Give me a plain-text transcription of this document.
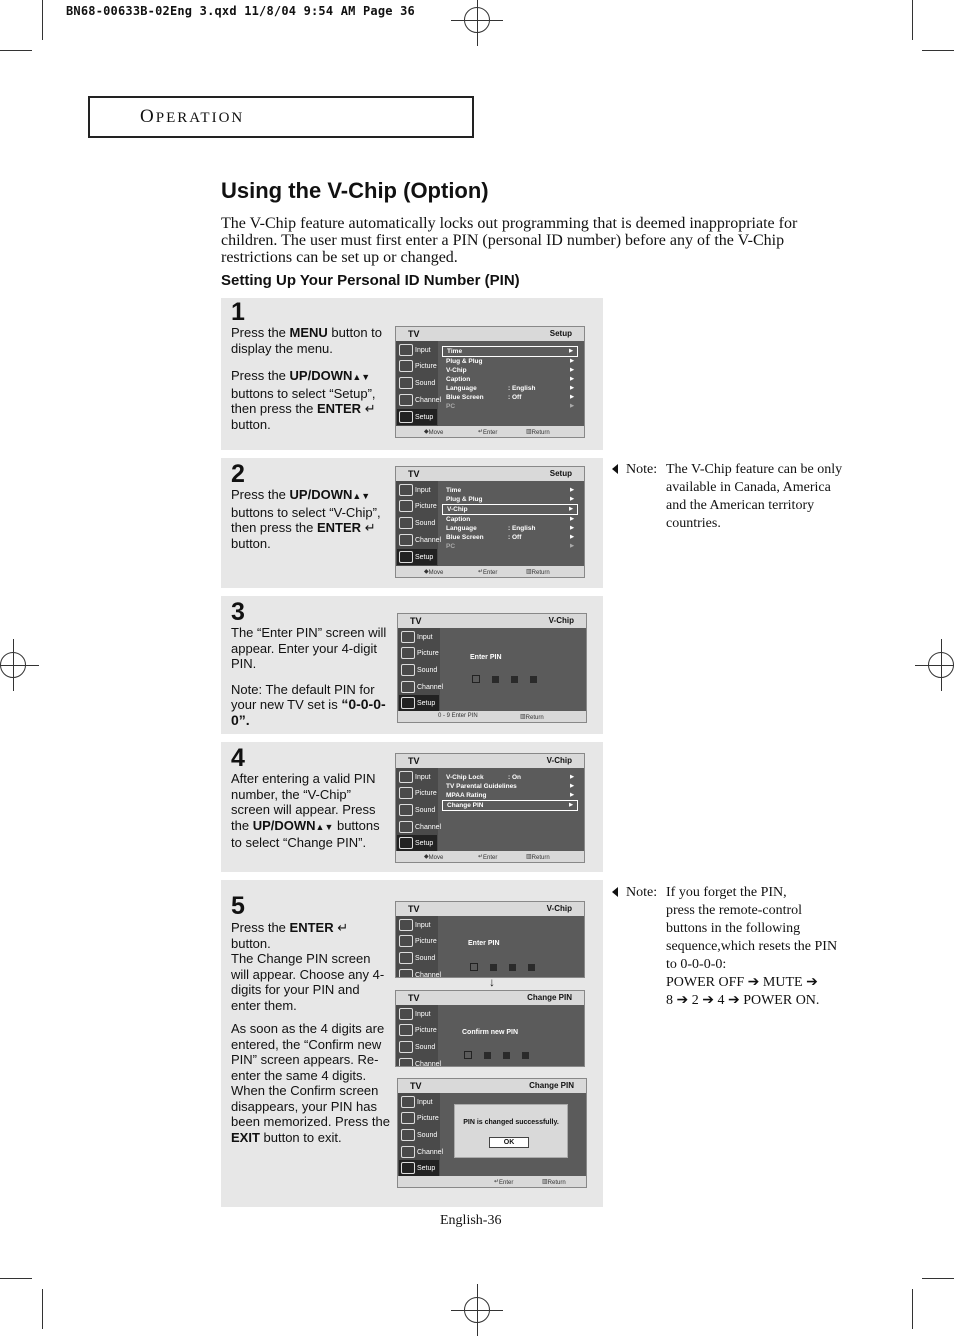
BN68-00633B-02Eng 3.qxd 11/8/04 9:54 AM Page 36
OPERATION
Using the V-Chip (Option)
The V-Chip feature automatically locks out programming that is deemed inappropriate for children. The user must first enter a PIN (personal ID number) before any of the V-Chip restrictions can be set up or changed.
Setting Up Your Personal ID Number (PIN)
1

Press the MENU button to display the menu.

Press the UP/DOWN▲▼ buttons to select “Setup”, then press the ENTER ↵ button.

TV	Setup
Input
Picture
Sound
Channel
Setup
Time	▶
Plug & Plug	▶
V-Chip	▶
Caption	▶
Language	: English	▶
Blue Screen	: Off	▶
PC	▶
◆ Move	↵ Enter	▥ Return
2

Press the UP/DOWN▲▼ buttons to select “V-Chip”, then press the ENTER ↵ button.

TV	Setup
Input
Picture
Sound
Channel
Setup
Time	▶
Plug & Plug	▶
V-Chip	▶
Caption	▶
Language	: English	▶
Blue Screen	: Off	▶
PC	▶
◆ Move	↵ Enter	▥ Return
3

The “Enter PIN” screen will appear. Enter your 4-digit PIN.

Note: The default PIN for your new TV set is “0-0-0-0”.

TV	V-Chip
Input
Picture
Sound
Channel
Setup
Enter PIN
0 - 9 Enter PIN	▥ Return
4

After entering a valid PIN number, the “V-Chip” screen will appear. Press the UP/DOWN▲▼ buttons to select “Change PIN”.

TV	V-Chip
Input
Picture
Sound
Channel
Setup
V-Chip Lock	: On	▶
TV Parental Guidelines	▶
MPAA Rating	▶
Change PIN	▶
◆ Move	↵ Enter	▥ Return
5

Press the ENTER ↵ button.

The Change PIN screen will appear. Choose any 4-digits for your PIN and enter them.

As soon as the 4 digits are entered, the “Confirm new PIN” screen appears. Re-enter the same 4 digits.

When the Confirm screen disappears, your PIN has been memorized. Press the EXIT button to exit.

TV	V-Chip
Input
Picture
Sound
Channel
Enter PIN
↓
TV	Change PIN
Input
Picture
Sound
Channel
Confirm new PIN
TV	Change PIN
Input
Picture
Sound
Channel
Setup
PIN is changed successfully.
OK
↵ Enter	▥ Return
Note: The V-Chip feature can be only available in Canada, America and the American territory countries.
Note: If you forget the PIN,
press the remote-control
buttons in the following
sequence,which resets the PIN
to 0-0-0-0:
POWER OFF ➔ MUTE ➔
8 ➔ 2 ➔ 4 ➔ POWER ON.
English-36
